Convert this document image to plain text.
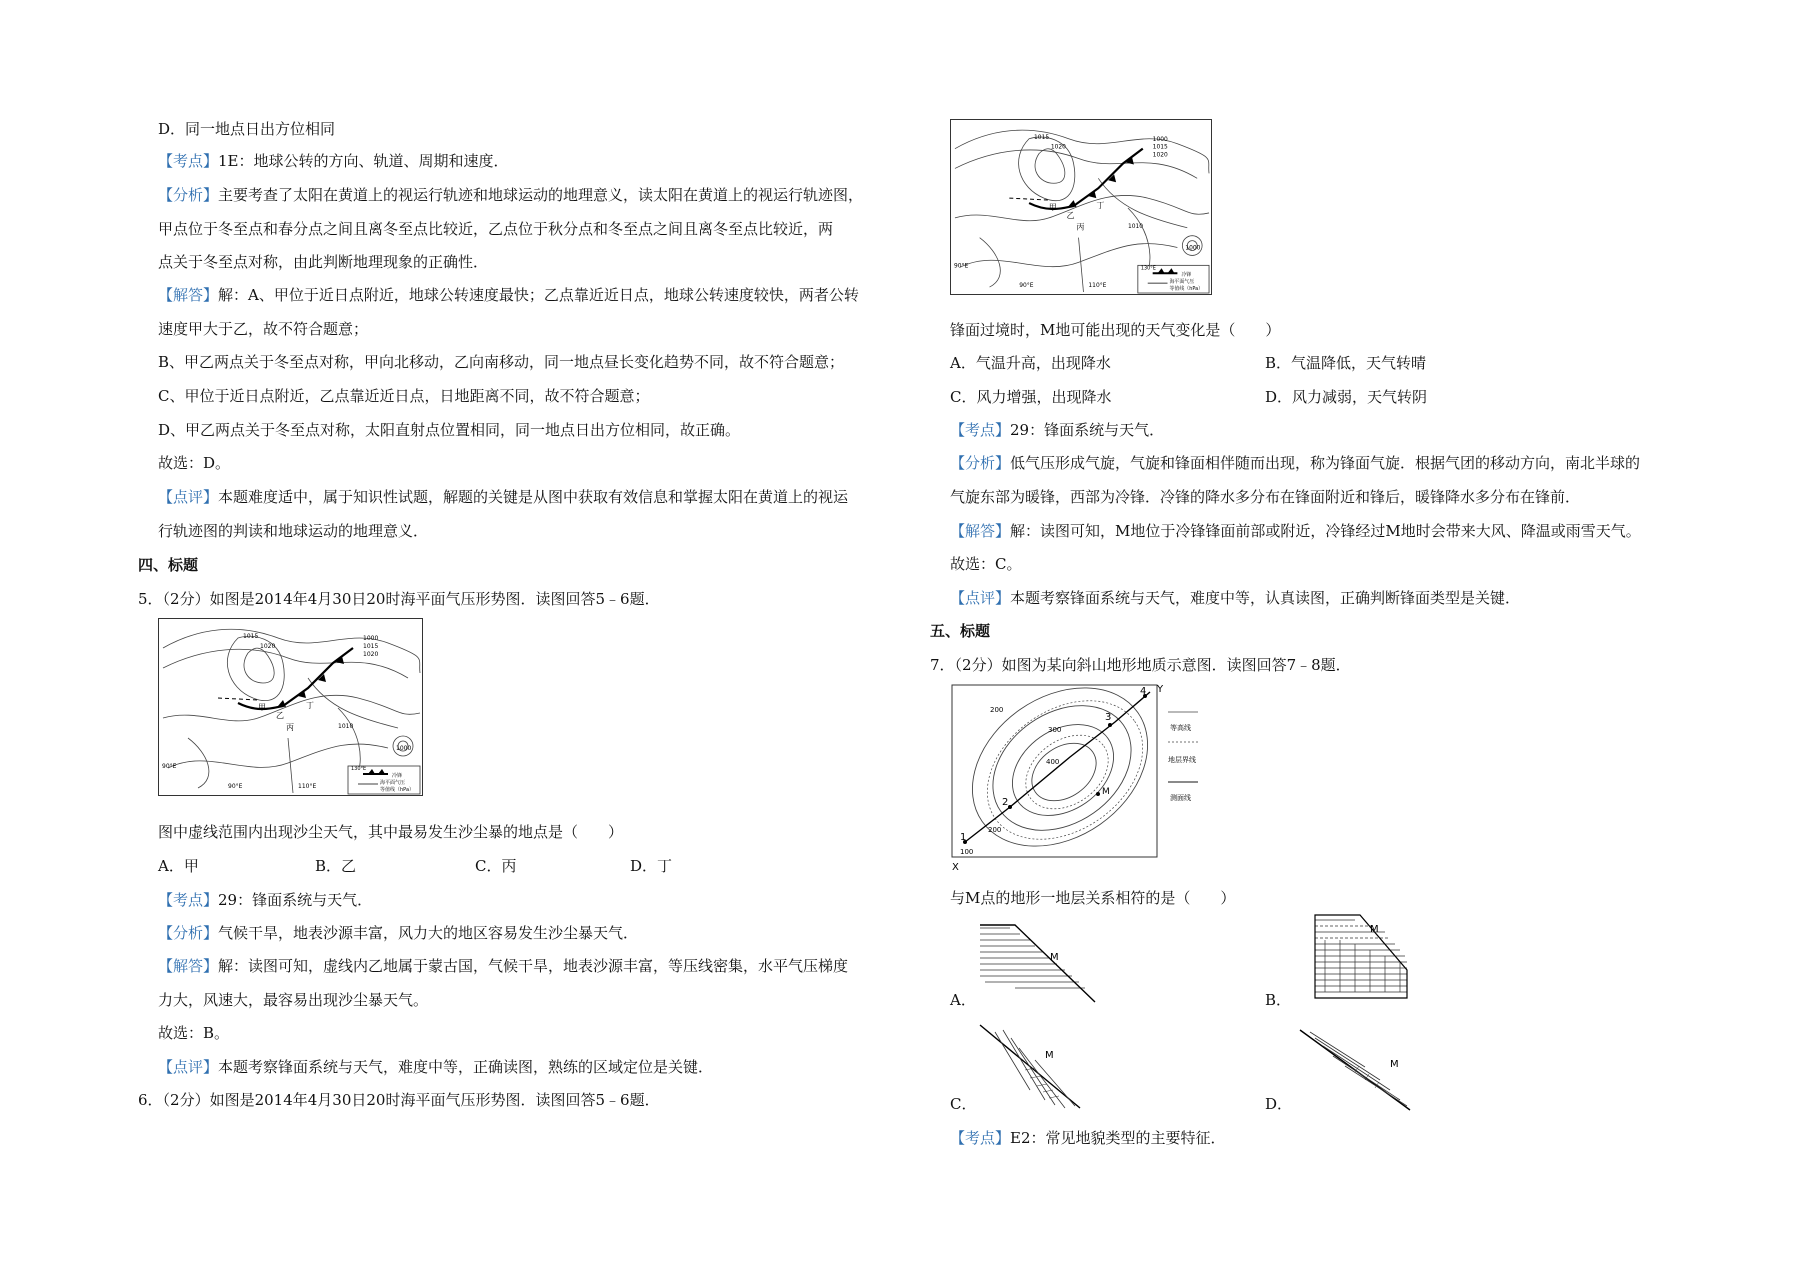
D．同一地点日出方位相同
【考点】1E：地球公转的方向、轨道、周期和速度．
【分析】主要考查了太阳在黄道上的视运行轨迹和地球运动的地理意义，读太阳在黄道上的视运行轨迹图，
甲点位于冬至点和春分点之间且离冬至点比较近，乙点位于秋分点和冬至点之间且离冬至点比较近，两
点关于冬至点对称，由此判断地理现象的正确性．
【解答】解：A、甲位于近日点附近，地球公转速度最快；乙点靠近近日点，地球公转速度较快，两者公转
速度甲大于乙，故不符合题意；
B、甲乙两点关于冬至点对称，甲向北移动，乙向南移动，同一地点昼长变化趋势不同，故不符合题意；
C、甲位于近日点附近，乙点靠近近日点，日地距离不同，故不符合题意；
D、甲乙两点关于冬至点对称，太阳直射点位置相同，同一地点日出方位相同，故正确。
故选：D。
【点评】本题难度适中，属于知识性试题，解题的关键是从图中获取有效信息和掌握太阳在黄道上的视运
行轨迹图的判读和地球运动的地理意义．
四、标题
5．（2分）如图是2014年4月30日20时海平面气压形势图．读图回答5﹣6题．
甲
乙
丙
丁
1015
1020
1000
1015
1020
1010
1000
90°E
90°E	110°E
130°E
冷锋
海平面气压
等值线（hPa）
图中虚线范围内出现沙尘天气，其中最易发生沙尘暴的地点是（　　）
A．甲	B．乙	C．丙	D．丁
【考点】29：锋面系统与天气．
【分析】气候干旱，地表沙源丰富，风力大的地区容易发生沙尘暴天气．
【解答】解：读图可知，虚线内乙地属于蒙古国，气候干旱，地表沙源丰富，等压线密集，水平气压梯度
力大，风速大，最容易出现沙尘暴天气。
故选：B。
【点评】本题考察锋面系统与天气，难度中等，正确读图，熟练的区域定位是关键．
6．（2分）如图是2014年4月30日20时海平面气压形势图．读图回答5﹣6题．
甲
乙
丙
丁
1015
1020
1000
1015
1020
1010
1000
90°E
90°E	110°E
130°E
冷锋
海平面气压
等值线（hPa）
锋面过境时，M地可能出现的天气变化是（　　）
A．气温升高，出现降水	B．气温降低，天气转晴
C．风力增强，出现降水	D．风力减弱，天气转阴
【考点】29：锋面系统与天气．
【分析】低气压形成气旋，气旋和锋面相伴随而出现，称为锋面气旋．根据气团的移动方向，南北半球的
气旋东部为暖锋，西部为冷锋．冷锋的降水多分布在锋面附近和锋后，暖锋降水多分布在锋前．
【解答】解：读图可知，M地位于冷锋锋面前部或附近，冷锋经过M地时会带来大风、降温或雨雪天气。
故选：C。
【点评】本题考察锋面系统与天气，难度中等，认真读图，正确判断锋面类型是关键．
五、标题
7．（2分）如图为某向斜山地形地质示意图．读图回答7﹣8题．
Y
X
1
2
3
4
M
200
300
400
200
100
等高线
地层界线
测面线
与M点的地形一地层关系相符的是（　　）
M
A．
M
B．
M
C．
M
D．
【考点】E2：常见地貌类型的主要特征．
